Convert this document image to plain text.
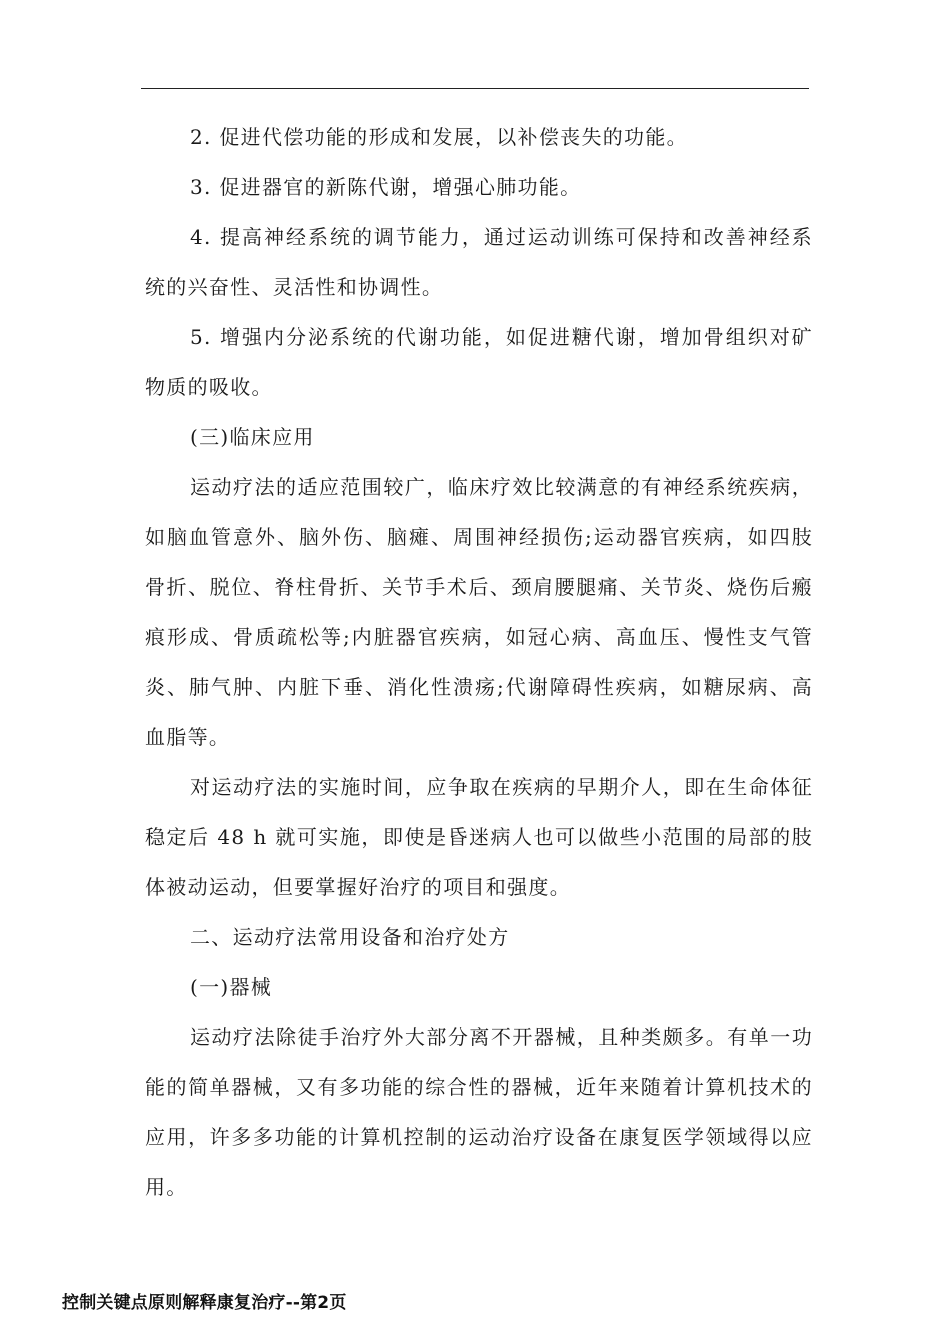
2. 促进代偿功能的形成和发展，以补偿丧失的功能。

3. 促进器官的新陈代谢，增强心肺功能。

4. 提高神经系统的调节能力，通过运动训练可保持和改善神经系统的兴奋性、灵活性和协调性。

5. 增强内分泌系统的代谢功能，如促进糖代谢，增加骨组织对矿物质的吸收。

(三)临床应用

运动疗法的适应范围较广，临床疗效比较满意的有神经系统疾病，如脑血管意外、脑外伤、脑瘫、周围神经损伤;运动器官疾病，如四肢骨折、脱位、脊柱骨折、关节手术后、颈肩腰腿痛、关节炎、烧伤后瘢痕形成、骨质疏松等;内脏器官疾病，如冠心病、高血压、慢性支气管炎、肺气肿、内脏下垂、消化性溃疡;代谢障碍性疾病，如糖尿病、高血脂等。

对运动疗法的实施时间，应争取在疾病的早期介人，即在生命体征稳定后 48 h 就可实施，即使是昏迷病人也可以做些小范围的局部的肢体被动运动，但要掌握好治疗的项目和强度。

二、运动疗法常用设备和治疗处方

(一)器械

运动疗法除徒手治疗外大部分离不开器械，且种类颇多。有单一功能的简单器械，又有多功能的综合性的器械，近年来随着计算机技术的应用，许多多功能的计算机控制的运动治疗设备在康复医学领域得以应用。

控制关键点原则解释康复治疗--第2页
